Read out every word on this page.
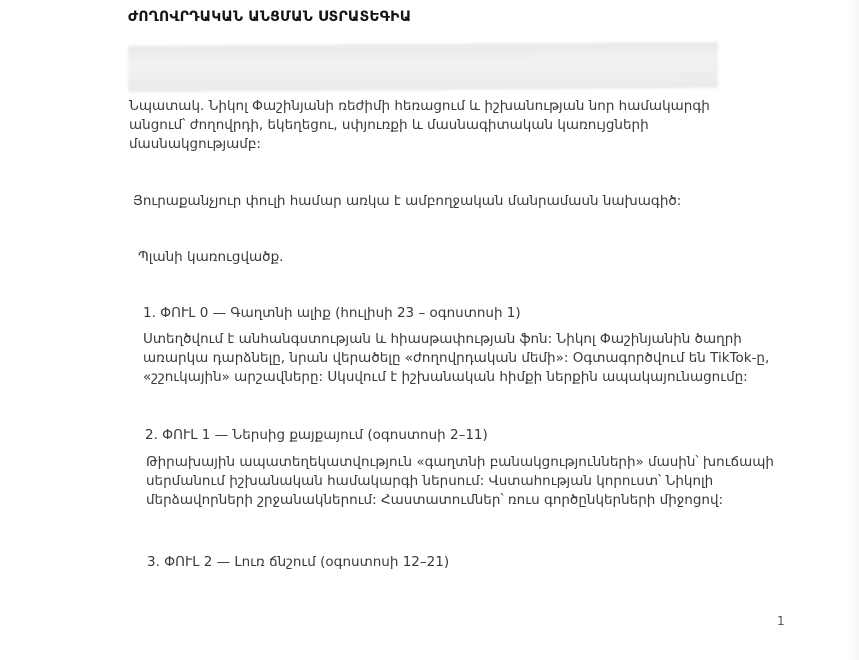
ԺՈՂՈՎՐԴԱԿԱՆ ԱՆՑՄԱՆ ՍՏՐԱՏԵԳԻԱ
Նպատակ. Նիկոլ Փաշինյանի ռեժիմի հեռացում և իշխանության նոր համակարգի
անցում՝ ժողովրդի, եկեղեցու, սփյուռքի և մասնագիտական կառույցների
մասնակցությամբ:
Յուրաքանչյուր փուլի համար առկա է ամբողջական մանրամասն նախագիծ:
Պլանի կառուցվածք.
1. ՓՈՒԼ 0 — Գաղտնի ալիք (հուլիսի 23 – օգոստոսի 1)
Ստեղծվում է անհանգստության և հիասթափության ֆոն: Նիկոլ Փաշինյանին ծաղրի
առարկա դարձնելը, նրան վերածելը «ժողովրդական մեմի»: Օգտագործվում են TikTok-ը,
«շշուկային» արշավները: Սկսվում է իշխանական հիմքի ներքին ապակայունացումը:
2. ՓՈՒԼ 1 — Ներսից քայքայում (օգոստոսի 2–11)
Թիրախային ապատեղեկատվություն «գաղտնի բանակցությունների» մասին՝ խուճապի
սերմանում իշխանական համակարգի ներսում: Վստահության կորուստ՝ Նիկոլի
մերձավորների շրջանակներում: Հաստատումներ՝ ռուս գործընկերների միջոցով:
3. ՓՈՒԼ 2 — Լուռ ճնշում (օգոստոսի 12–21)
1
